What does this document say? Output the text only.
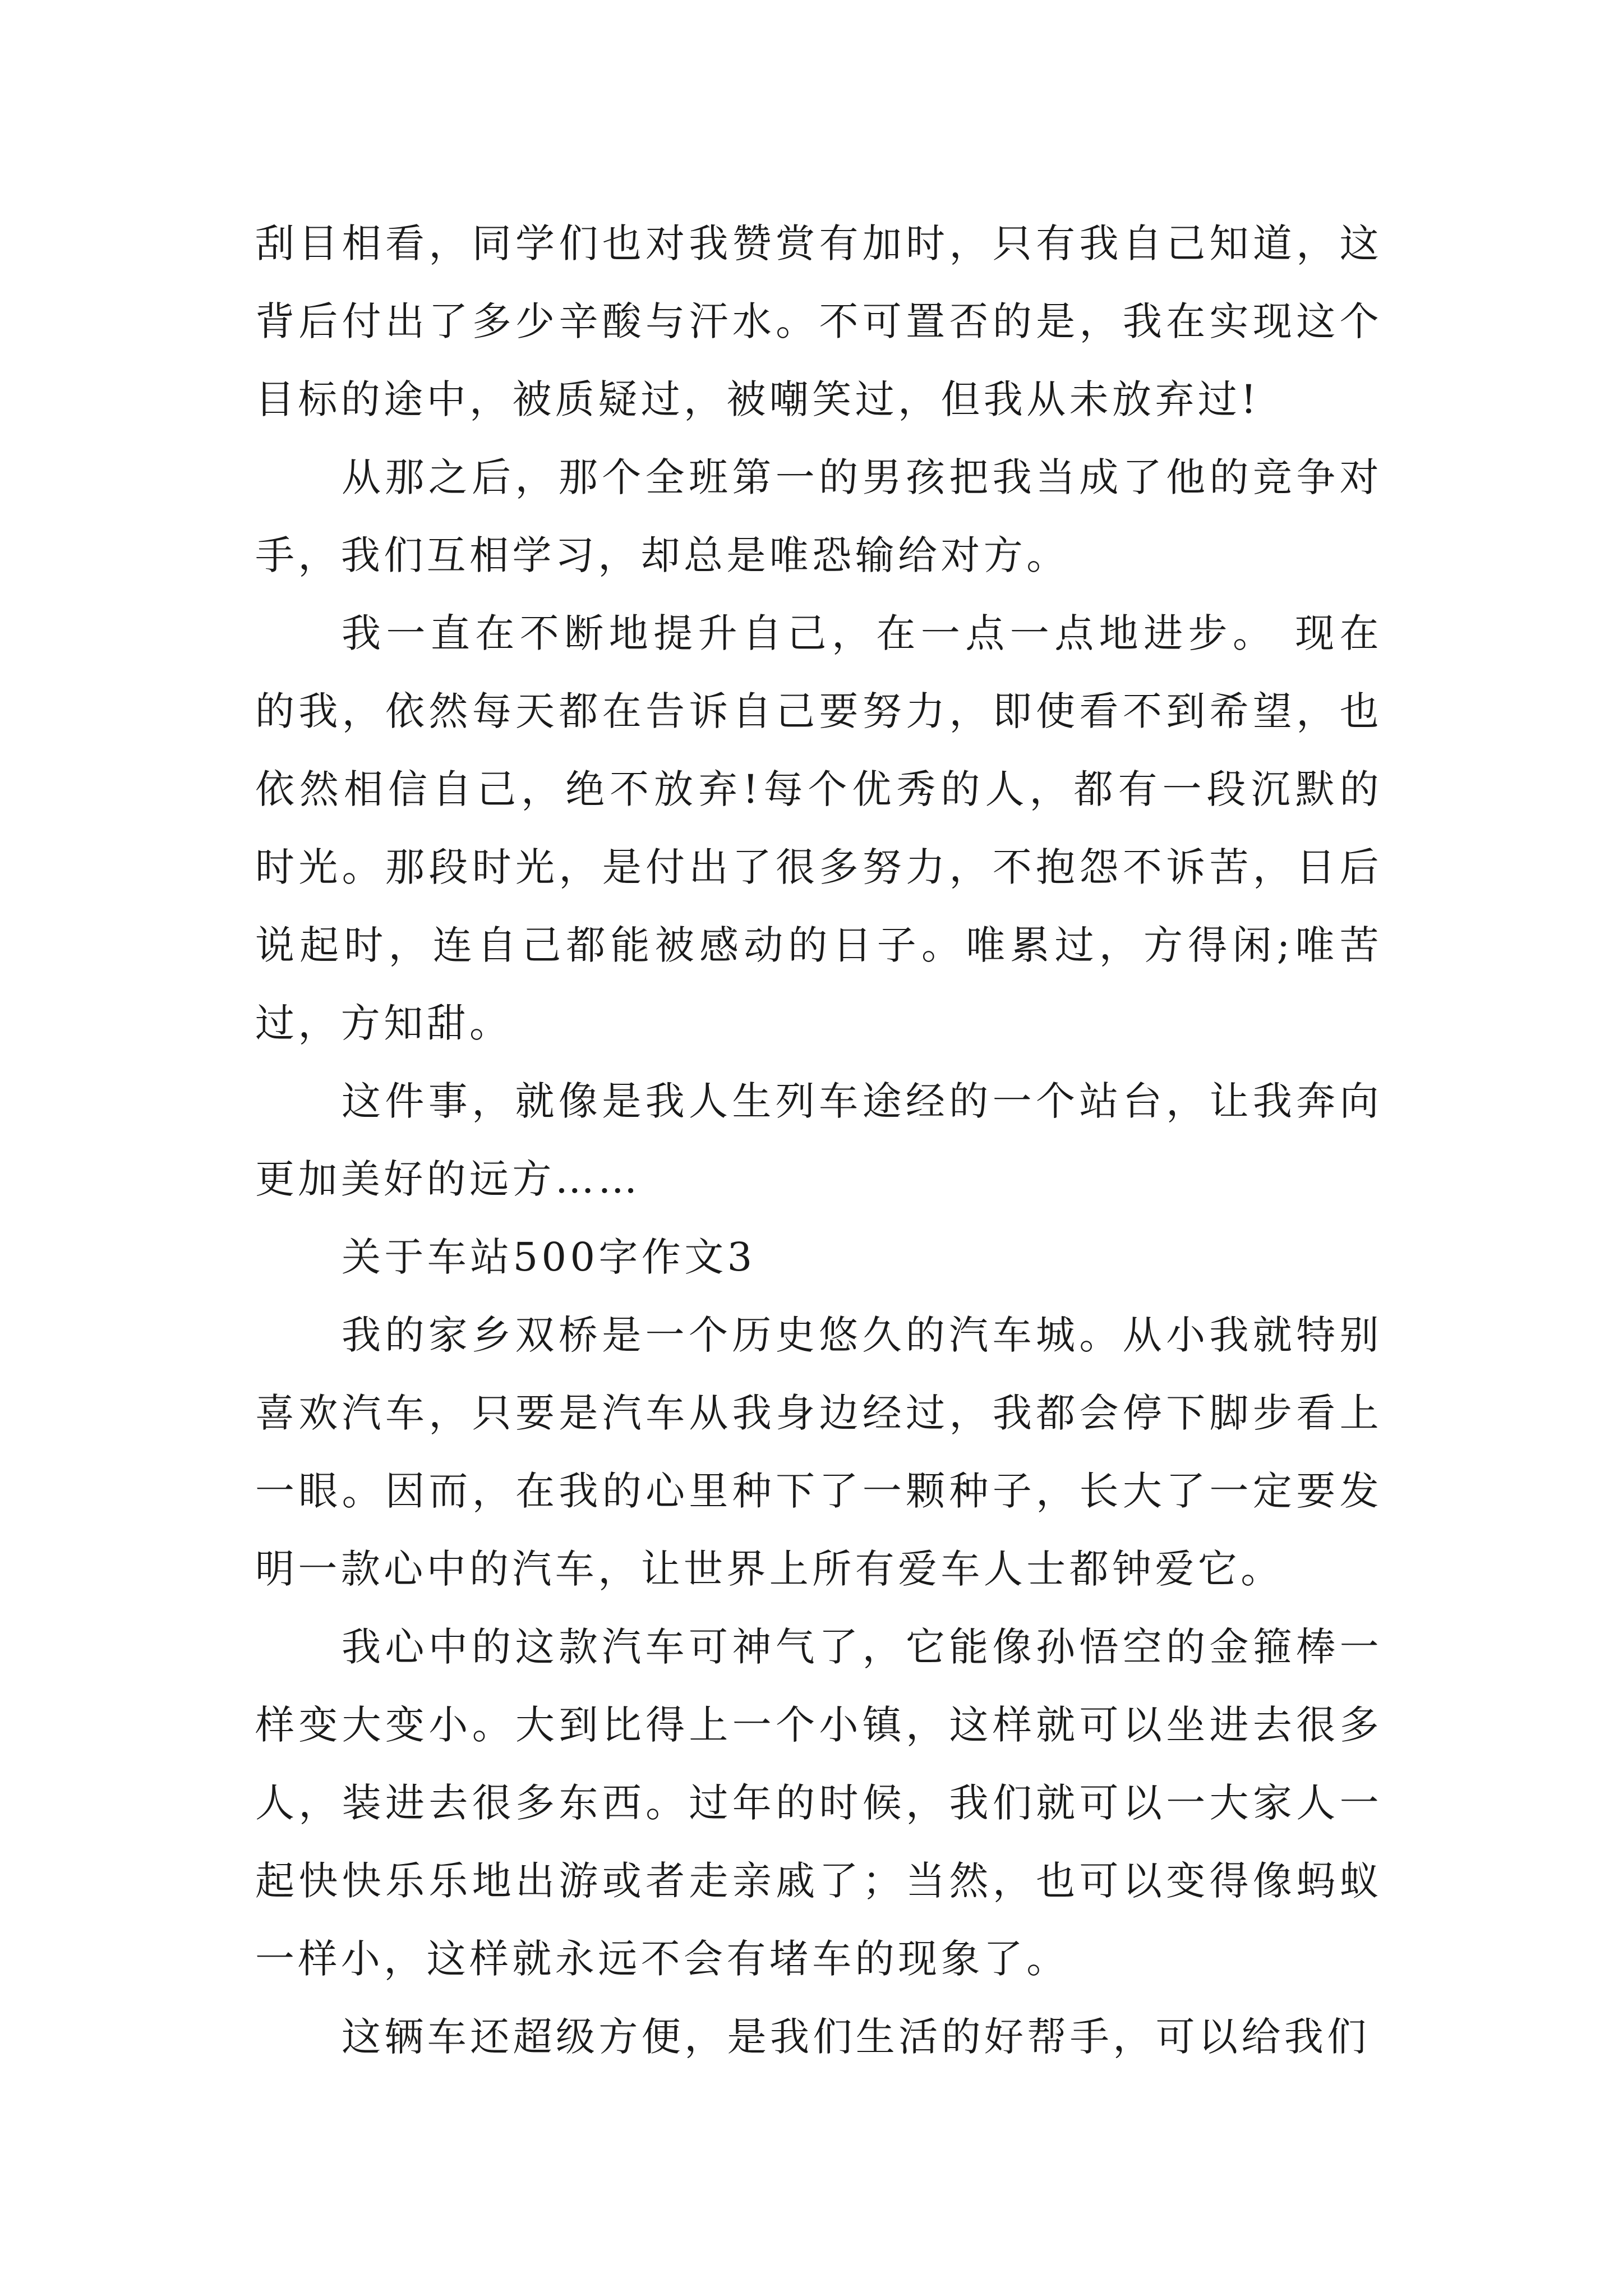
刮目相看，同学们也对我赞赏有加时，只有我自己知道，这背后付出了多少辛酸与汗水。不可置否的是，我在实现这个目标的途中，被质疑过，被嘲笑过，但我从未放弃过!

从那之后，那个全班第一的男孩把我当成了他的竞争对手，我们互相学习，却总是唯恐输给对方。

我一直在不断地提升自己，在一点一点地进步。 现在的我，依然每天都在告诉自己要努力，即使看不到希望，也依然相信自己，绝不放弃!每个优秀的人，都有一段沉默的时光。那段时光，是付出了很多努力，不抱怨不诉苦，日后说起时，连自己都能被感动的日子。唯累过，方得闲;唯苦过，方知甜。

这件事，就像是我人生列车途经的一个站台，让我奔向更加美好的远方……

关于车站500字作文3

我的家乡双桥是一个历史悠久的汽车城。从小我就特别喜欢汽车，只要是汽车从我身边经过，我都会停下脚步看上一眼。因而，在我的心里种下了一颗种子，长大了一定要发明一款心中的汽车，让世界上所有爱车人士都钟爱它。

我心中的这款汽车可神气了，它能像孙悟空的金箍棒一样变大变小。大到比得上一个小镇，这样就可以坐进去很多人，装进去很多东西。过年的时候，我们就可以一大家人一起快快乐乐地出游或者走亲戚了；当然，也可以变得像蚂蚁一样小，这样就永远不会有堵车的现象了。

这辆车还超级方便，是我们生活的好帮手，可以给我们
